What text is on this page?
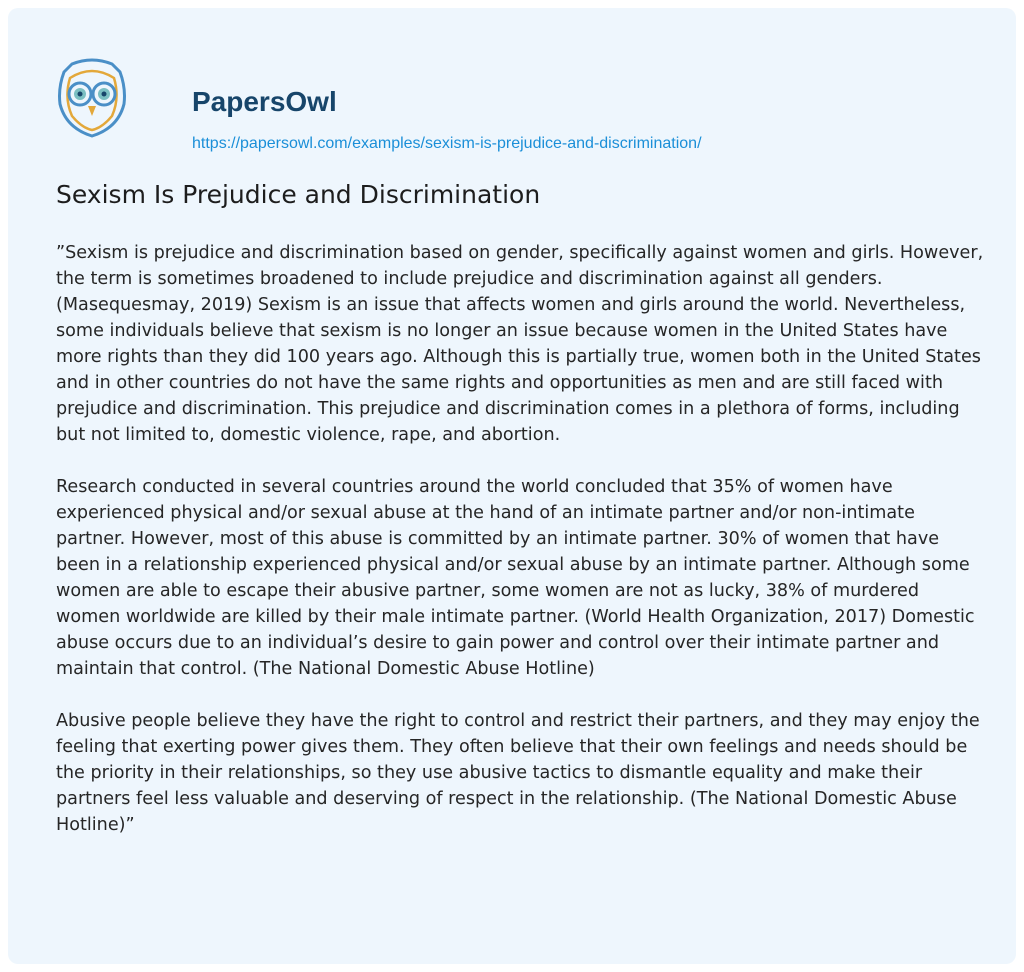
PapersOwl
https://papersowl.com/examples/sexism-is-prejudice-and-discrimination/
Sexism Is Prejudice and Discrimination

”Sexism is prejudice and discrimination based on gender, specifically against women and girls. However, the term is sometimes broadened to include prejudice and discrimination against all genders. (Masequesmay, 2019) Sexism is an issue that affects women and girls around the world. Nevertheless, some individuals believe that sexism is no longer an issue because women in the United States have more rights than they did 100 years ago. Although this is partially true, women both in the United States and in other countries do not have the same rights and opportunities as men and are still faced with prejudice and discrimination. This prejudice and discrimination comes in a plethora of forms, including but not limited to, domestic violence, rape, and abortion.

Research conducted in several countries around the world concluded that 35% of women have experienced physical and/or sexual abuse at the hand of an intimate partner and/or non-intimate partner. However, most of this abuse is committed by an intimate partner. 30% of women that have been in a relationship experienced physical and/or sexual abuse by an intimate partner. Although some women are able to escape their abusive partner, some women are not as lucky, 38% of murdered women worldwide are killed by their male intimate partner. (World Health Organization, 2017) Domestic abuse occurs due to an individual’s desire to gain power and control over their intimate partner and maintain that control. (The National Domestic Abuse Hotline)

Abusive people believe they have the right to control and restrict their partners, and they may enjoy the feeling that exerting power gives them. They often believe that their own feelings and needs should be the priority in their relationships, so they use abusive tactics to dismantle equality and make their partners feel less valuable and deserving of respect in the relationship. (The National Domestic Abuse Hotline)”
